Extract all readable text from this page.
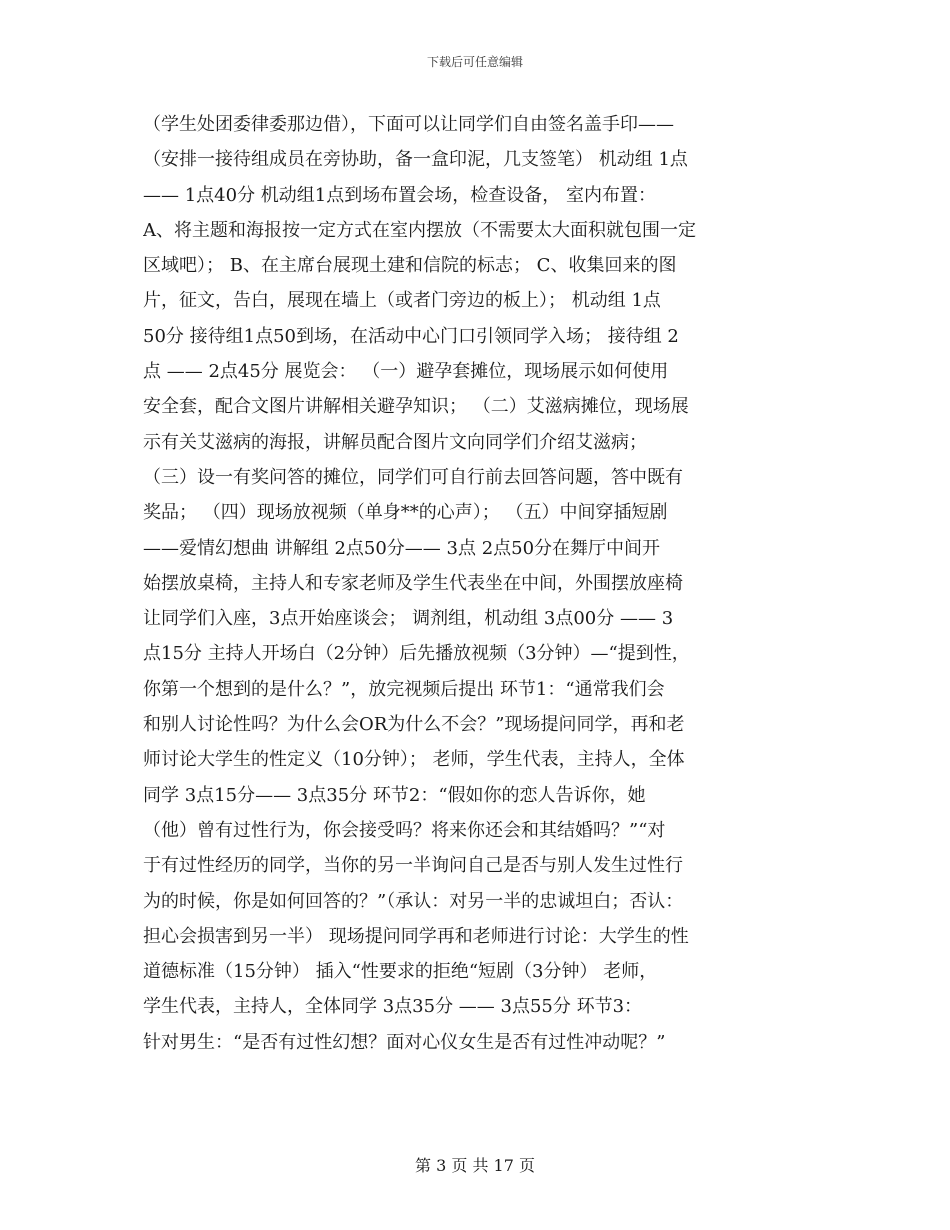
下载后可任意编辑
（学生处团委律委那边借），下面可以让同学们自由签名盖手印——
（安排一接待组成员在旁协助，备一盒印泥，几支签笔） 机动组 1点
—— 1点40分 机动组1点到场布置会场，检查设备， 室内布置：
A、将主题和海报按一定方式在室内摆放（不需要太大面积就包围一定
区域吧）； B、在主席台展现土建和信院的标志； C、收集回来的图
片，征文，告白，展现在墙上（或者门旁边的板上）； 机动组 1点
50分 接待组1点50到场，在活动中心门口引领同学入场； 接待组 2
点 —— 2点45分 展览会： （一）避孕套摊位，现场展示如何使用
安全套，配合文图片讲解相关避孕知识； （二）艾滋病摊位，现场展
示有关艾滋病的海报，讲解员配合图片文向同学们介绍艾滋病；
（三）设一有奖问答的摊位，同学们可自行前去回答问题，答中既有
奖品； （四）现场放视频（单身**的心声）； （五）中间穿插短剧
——爱情幻想曲 讲解组 2点50分—— 3点 2点50分在舞厅中间开
始摆放桌椅，主持人和专家老师及学生代表坐在中间，外围摆放座椅
让同学们入座，3点开始座谈会； 调剂组，机动组 3点00分 —— 3
点15分 主持人开场白（2分钟）后先播放视频（3分钟）—“提到性，
你第一个想到的是什么？”，放完视频后提出 环节1：“通常我们会
和别人讨论性吗？为什么会OR为什么不会？”现场提问同学，再和老
师讨论大学生的性定义（10分钟）； 老师，学生代表，主持人，全体
同学 3点15分—— 3点35分 环节2：“假如你的恋人告诉你，她
（他）曾有过性行为，你会接受吗？将来你还会和其结婚吗？”“对
于有过性经历的同学，当你的另一半询问自己是否与别人发生过性行
为的时候，你是如何回答的？”（承认：对另一半的忠诚坦白；否认：
担心会损害到另一半） 现场提问同学再和老师进行讨论：大学生的性
道德标准（15分钟） 插入“性要求的拒绝“短剧（3分钟） 老师，
学生代表，主持人，全体同学 3点35分 —— 3点55分 环节3：
针对男生：“是否有过性幻想？面对心仪女生是否有过性冲动呢？”
第 3 页 共 17 页
